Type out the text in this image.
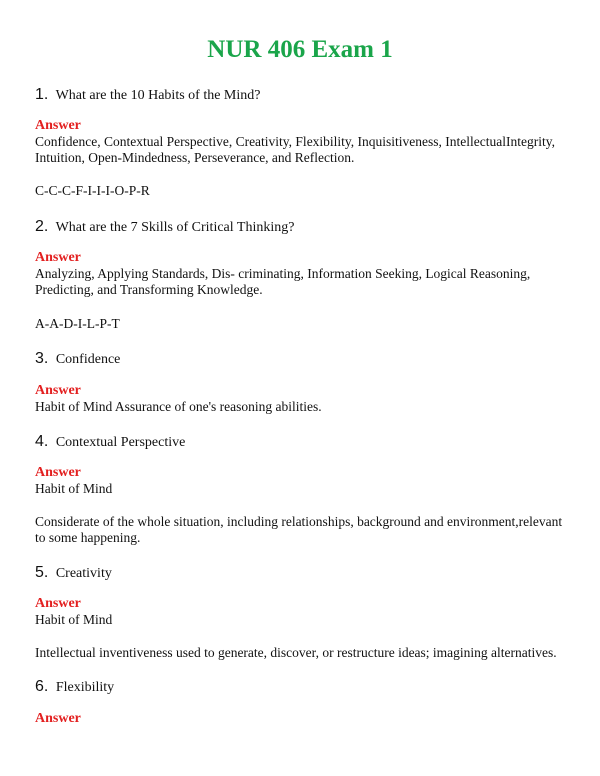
NUR 406 Exam 1
1. What are the 10 Habits of the Mind?
Answer
Confidence, Contextual Perspective, Creativity, Flexibility, Inquisitiveness, IntellectualIntegrity,
Intuition, Open-Mindedness, Perseverance, and Reflection.
C-C-C-F-I-I-I-O-P-R
2. What are the 7 Skills of Critical Thinking?
Answer
Analyzing, Applying Standards, Dis- criminating, Information Seeking, Logical Reasoning,
Predicting, and Transforming Knowledge.
A-A-D-I-L-P-T
3. Confidence
Answer
Habit of Mind Assurance of one's reasoning abilities.
4. Contextual Perspective
Answer
Habit of Mind
Considerate of the whole situation, including relationships, background and environment,relevant
to some happening.
5. Creativity
Answer
Habit of Mind
Intellectual inventiveness used to generate, discover, or restructure ideas; imagining alternatives.
6. Flexibility
Answer
